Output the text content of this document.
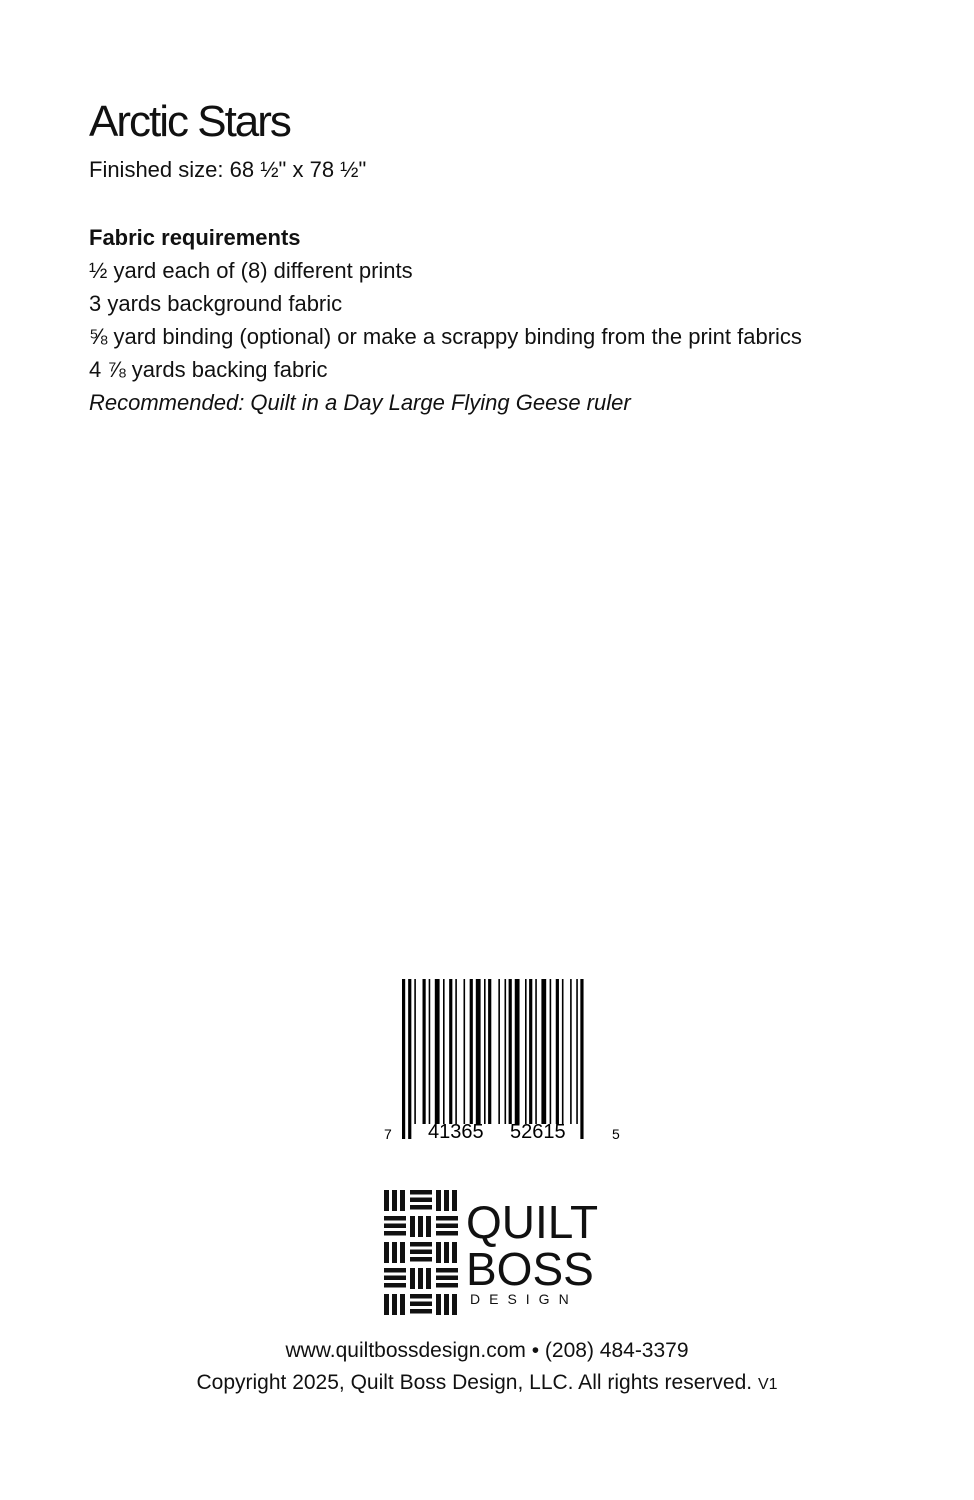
Arctic Stars
Finished size: 68 ½" x 78 ½"
Fabric requirements
½ yard each of (8) different prints
3 yards background fabric
⅝ yard binding (optional) or make a scrappy binding from the print fabrics
4 ⅞ yards backing fabric
Recommended: Quilt in a Day Large Flying Geese ruler
7 41365 52615	5
QUILT
BOSS
DESIGN
www.quiltbossdesign.com • (208) 484-3379
Copyright 2025, Quilt Boss Design, LLC. All rights reserved. V1
